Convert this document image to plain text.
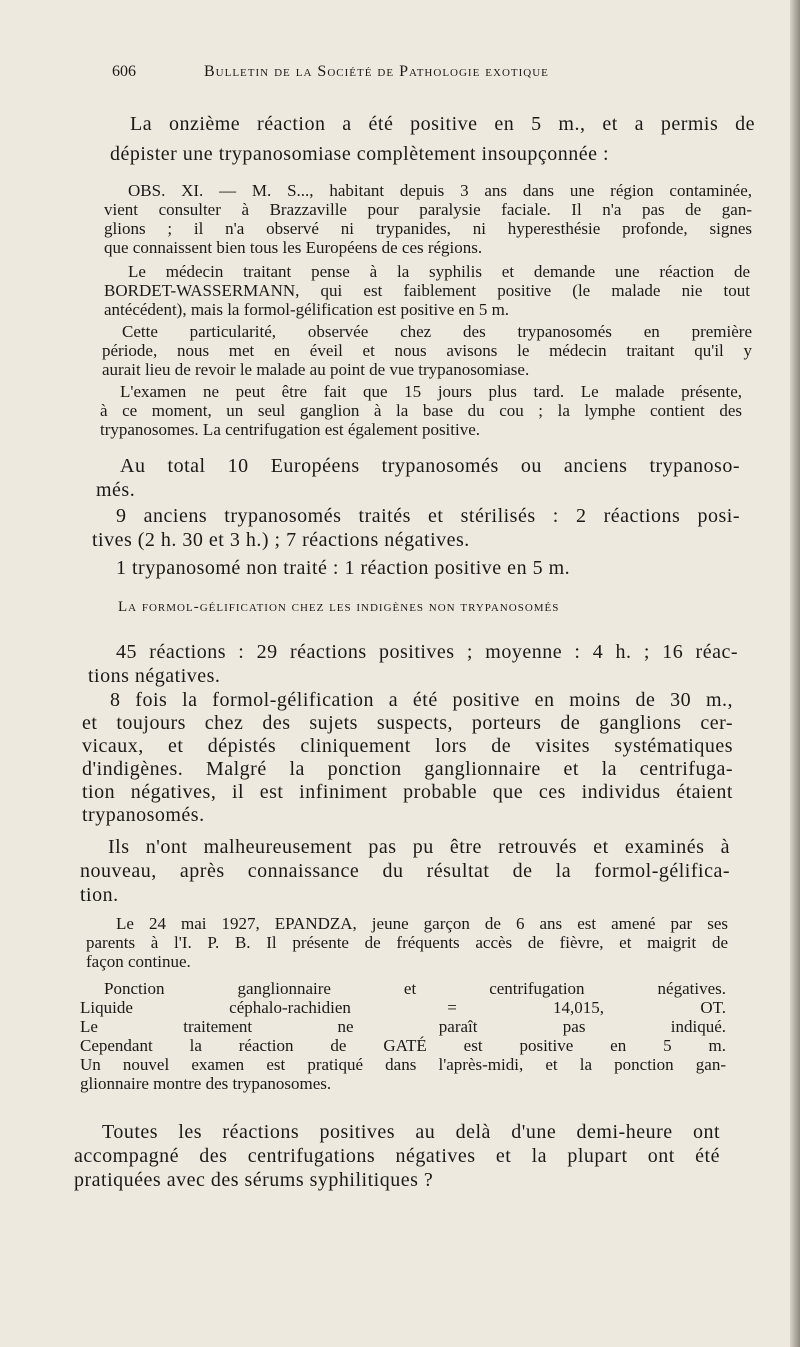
606	Bulletin de la Société de Pathologie exotique
La onzième réaction a été positive en 5 m., et a permis de
dépister une trypanosomiase complètement insoupçonnée :
OBS. XI. — M. S..., habitant depuis 3 ans dans une région contaminée,
vient consulter à Brazzaville pour paralysie faciale. Il n'a pas de gan-
glions ; il n'a observé ni trypanides, ni hyperesthésie profonde, signes
que connaissent bien tous les Européens de ces régions.
Le médecin traitant pense à la syphilis et demande une réaction de
BORDET-WASSERMANN, qui est faiblement positive (le malade nie tout
antécédent), mais la formol-gélification est positive en 5 m.
Cette particularité, observée chez des trypanosomés en première
période, nous met en éveil et nous avisons le médecin traitant qu'il y
aurait lieu de revoir le malade au point de vue trypanosomiase.
L'examen ne peut être fait que 15 jours plus tard. Le malade présente,
à ce moment, un seul ganglion à la base du cou ; la lymphe contient des
trypanosomes. La centrifugation est également positive.
Au total 10 Européens trypanosomés ou anciens trypanoso-
més.
9 anciens trypanosomés traités et stérilisés : 2 réactions posi-
tives (2 h. 30 et 3 h.) ; 7 réactions négatives.
1 trypanosomé non traité : 1 réaction positive en 5 m.
45 réactions : 29 réactions positives ; moyenne : 4 h. ; 16 réac-
tions négatives.
8 fois la formol-gélification a été positive en moins de 30 m.,
et toujours chez des sujets suspects, porteurs de ganglions cer-
vicaux, et dépistés cliniquement lors de visites systématiques
d'indigènes. Malgré la ponction ganglionnaire et la centrifuga-
tion négatives, il est infiniment probable que ces individus étaient
trypanosomés.
Ils n'ont malheureusement pas pu être retrouvés et examinés à
nouveau, après connaissance du résultat de la formol-gélifica-
tion.
Le 24 mai 1927, EPANDZA, jeune garçon de 6 ans est amené par ses
parents à l'I. P. B. Il présente de fréquents accès de fièvre, et maigrit de
façon continue.
Ponction ganglionnaire et centrifugation négatives.
Liquide céphalo-rachidien = 14,015, OT.
Le traitement ne paraît pas indiqué.
Cependant la réaction de GATÉ est positive en 5 m.
Un nouvel examen est pratiqué dans l'après-midi, et la ponction gan-
glionnaire montre des trypanosomes.
Toutes les réactions positives au delà d'une demi-heure ont
accompagné des centrifugations négatives et la plupart ont été
pratiquées avec des sérums syphilitiques ?
La formol-gélification chez les indigènes non trypanosomés
